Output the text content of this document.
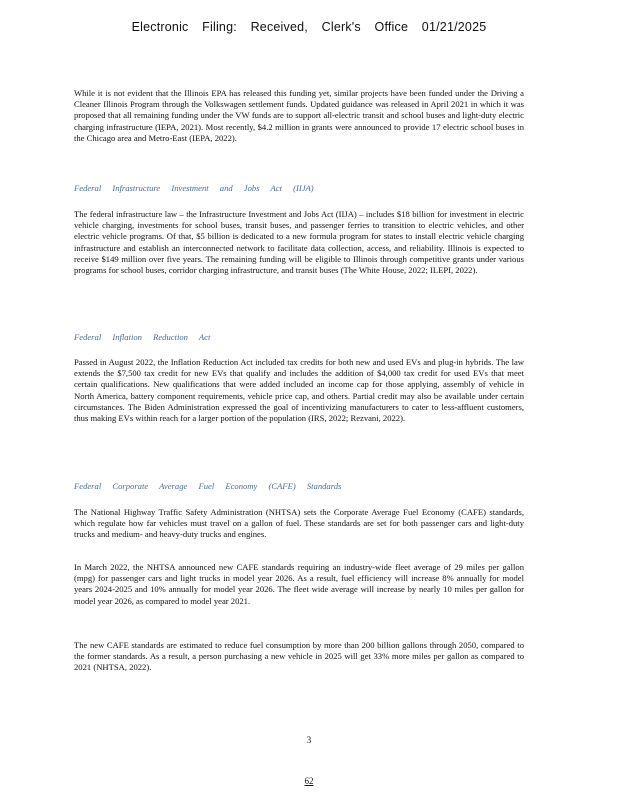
Electronic Filing: Received, Clerk's Office 01/21/2025

While it is not evident that the Illinois EPA has released this funding yet, similar projects have been funded under the Driving a Cleaner Illinois Program through the Volkswagen settlement funds. Updated guidance was released in April 2021 in which it was proposed that all remaining funding under the VW funds are to support all-electric transit and school buses and light-duty electric charging infrastructure (IEPA, 2021). Most recently, $4.2 million in grants were announced to provide 17 electric school buses in the Chicago area and Metro-East (IEPA, 2022).

Federal Infrastructure Investment and Jobs Act (IIJA)

The federal infrastructure law – the Infrastructure Investment and Jobs Act (IIJA) – includes $18 billion for investment in electric vehicle charging, investments for school buses, transit buses, and passenger ferries to transition to electric vehicles, and other electric vehicle programs. Of that, $5 billion is dedicated to a new formula program for states to install electric vehicle charging infrastructure and establish an interconnected network to facilitate data collection, access, and reliability. Illinois is expected to receive $149 million over five years. The remaining funding will be eligible to Illinois through competitive grants under various programs for school buses, corridor charging infrastructure, and transit buses (The White House, 2022; ILEPI, 2022).

Federal Inflation Reduction Act

Passed in August 2022, the Inflation Reduction Act included tax credits for both new and used EVs and plug-in hybrids. The law extends the $7,500 tax credit for new EVs that qualify and includes the addition of $4,000 tax credit for used EVs that meet certain qualifications. New qualifications that were added included an income cap for those applying, assembly of vehicle in North America, battery component requirements, vehicle price cap, and others. Partial credit may also be available under certain circumstances. The Biden Administration expressed the goal of incentivizing manufacturers to cater to less-affluent customers, thus making EVs within reach for a larger portion of the population (IRS, 2022; Rezvani, 2022).

Federal Corporate Average Fuel Economy (CAFE) Standards

The National Highway Traffic Safety Administration (NHTSA) sets the Corporate Average Fuel Economy (CAFE) standards, which regulate how far vehicles must travel on a gallon of fuel. These standards are set for both passenger cars and light-duty trucks and medium- and heavy-duty trucks and engines.

In March 2022, the NHTSA announced new CAFE standards requiring an industry-wide fleet average of 29 miles per gallon (mpg) for passenger cars and light trucks in model year 2026. As a result, fuel efficiency will increase 8% annually for model years 2024-2025 and 10% annually for model year 2026. The fleet wide average will increase by nearly 10 miles per gallon for model year 2026, as compared to model year 2021.

The new CAFE standards are estimated to reduce fuel consumption by more than 200 billion gallons through 2050, compared to the former standards. As a result, a person purchasing a new vehicle in 2025 will get 33% more miles per gallon as compared to 2021 (NHTSA, 2022).

3
62
